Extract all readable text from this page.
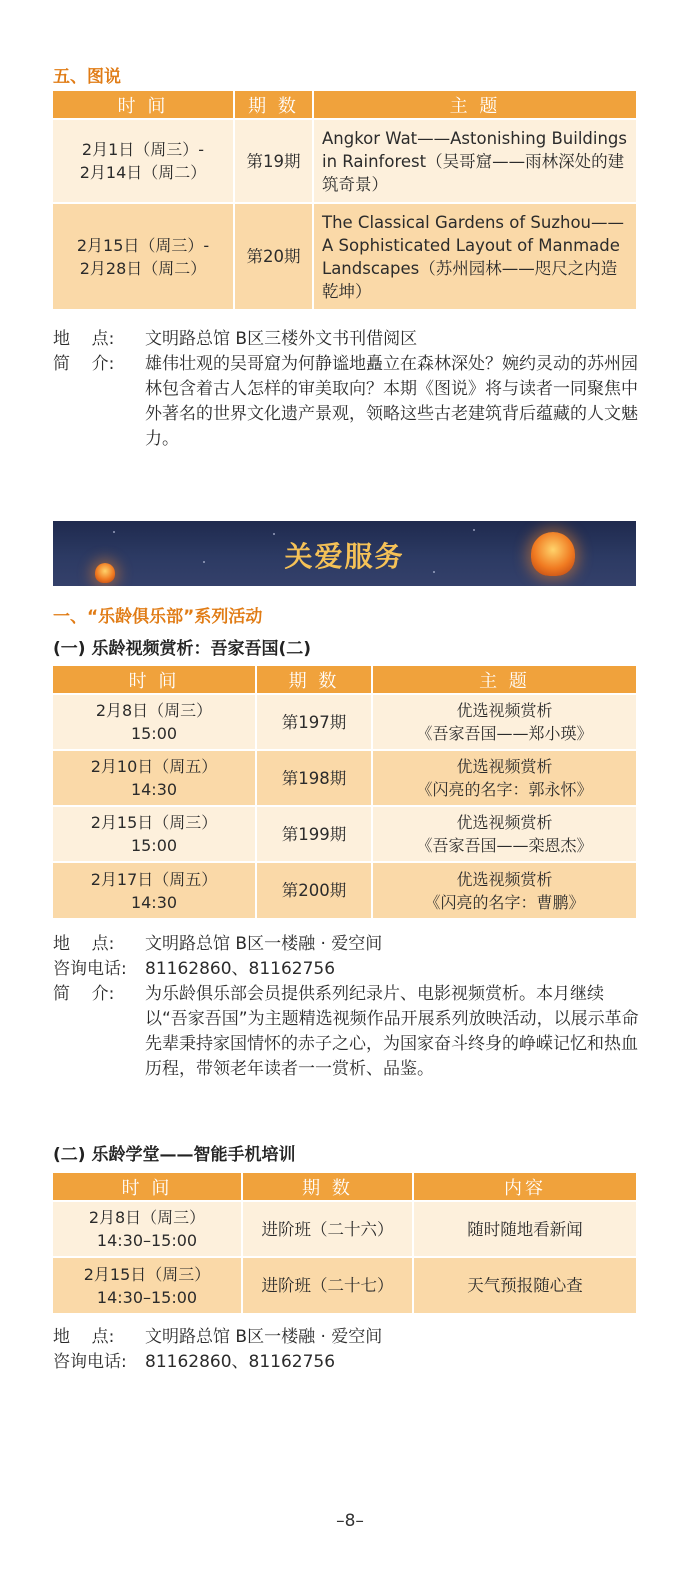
五、图说
时 间	期 数	主 题

2月1日（周三）-
2月14日（周二）	第19期	Angkor Wat——Astonishing Buildings in Rainforest（吴哥窟——雨林深处的建筑奇景）

2月15日（周三）-
2月28日（周二）	第20期	The Classical Gardens of Suzhou——A Sophisticated Layout of Manmade Landscapes（苏州园林——咫尺之内造乾坤）
地    点:	文明路总馆 B区三楼外文书刊借阅区
简    介:	雄伟壮观的吴哥窟为何静谧地矗立在森林深处？婉约灵动的苏州园林包含着古人怎样的审美取向？本期《图说》将与读者一同聚焦中外著名的世界文化遗产景观，领略这些古老建筑背后蕴藏的人文魅力。
关爱服务
一、“乐龄俱乐部”系列活动
(一) 乐龄视频赏析：吾家吾国(二)
时 间	期 数	主 题

2月8日（周三）
15:00	第197期	优选视频赏析
《吾家吾国——郑小瑛》

2月10日（周五）
14:30	第198期	优选视频赏析
《闪亮的名字：郭永怀》

2月15日（周三）
15:00	第199期	优选视频赏析
《吾家吾国——栾恩杰》

2月17日（周五）
14:30	第200期	优选视频赏析
《闪亮的名字：曹鹏》
地    点:	文明路总馆 B区一楼融 · 爱空间
咨询电话:	81162860、81162756
简    介:	为乐龄俱乐部会员提供系列纪录片、电影视频赏析。本月继续以“吾家吾国”为主题精选视频作品开展系列放映活动，以展示革命先辈秉持家国情怀的赤子之心，为国家奋斗终身的峥嵘记忆和热血历程，带领老年读者一一赏析、品鉴。
(二) 乐龄学堂——智能手机培训
时 间	期 数	内容

2月8日（周三）
14:30–15:00	进阶班（二十六）	随时随地看新闻

2月15日（周三）
14:30–15:00	进阶班（二十七）	天气预报随心查
地    点:	文明路总馆 B区一楼融 · 爱空间
咨询电话:	81162860、81162756
–8–
